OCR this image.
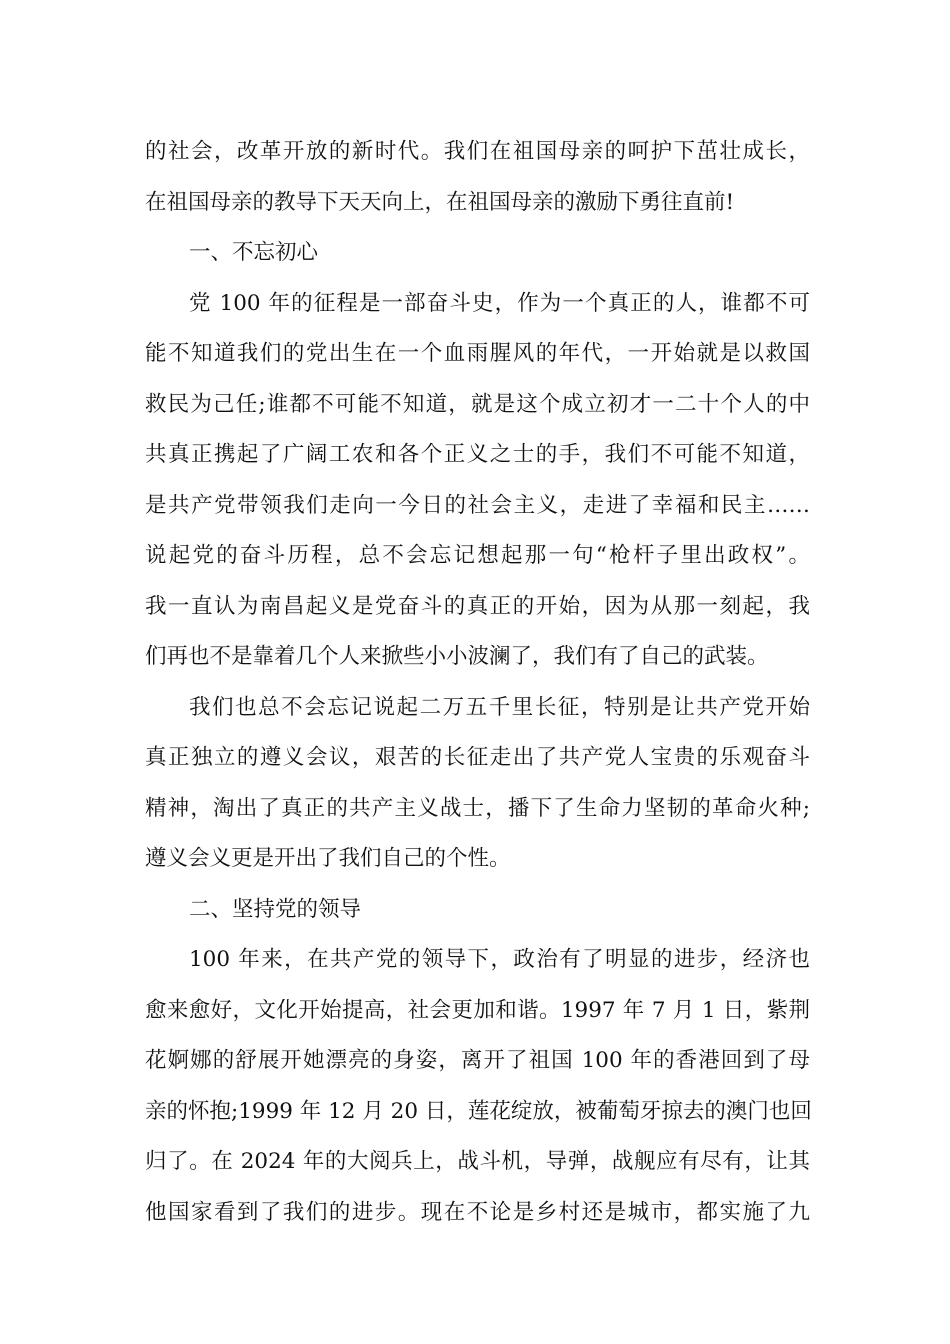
的社会，改革开放的新时代。我们在祖国母亲的呵护下茁壮成长，
在祖国母亲的教导下天天向上，在祖国母亲的激励下勇往直前!
一、不忘初心
党 100 年的征程是一部奋斗史，作为一个真正的人，谁都不可
能不知道我们的党出生在一个血雨腥风的年代，一开始就是以救国
救民为己任;谁都不可能不知道，就是这个成立初才一二十个人的中
共真正携起了广阔工农和各个正义之士的手，我们不可能不知道，
是共产党带领我们走向一今日的社会主义，走进了幸福和民主……
说起党的奋斗历程，总不会忘记想起那一句“枪杆子里出政权”。
我一直认为南昌起义是党奋斗的真正的开始，因为从那一刻起，我
们再也不是靠着几个人来掀些小小波澜了，我们有了自己的武装。
我们也总不会忘记说起二万五千里长征，特别是让共产党开始
真正独立的遵义会议，艰苦的长征走出了共产党人宝贵的乐观奋斗
精神，淘出了真正的共产主义战士，播下了生命力坚韧的革命火种;
遵义会义更是开出了我们自己的个性。
二、坚持党的领导
100 年来，在共产党的领导下，政治有了明显的进步，经济也
愈来愈好，文化开始提高，社会更加和谐。1997 年 7 月 1 日，紫荆
花婀娜的舒展开她漂亮的身姿，离开了祖国 100 年的香港回到了母
亲的怀抱;1999 年 12 月 20 日，莲花绽放，被葡萄牙掠去的澳门也回
归了。在 2024 年的大阅兵上，战斗机，导弹，战舰应有尽有，让其
他国家看到了我们的进步。现在不论是乡村还是城市，都实施了九
